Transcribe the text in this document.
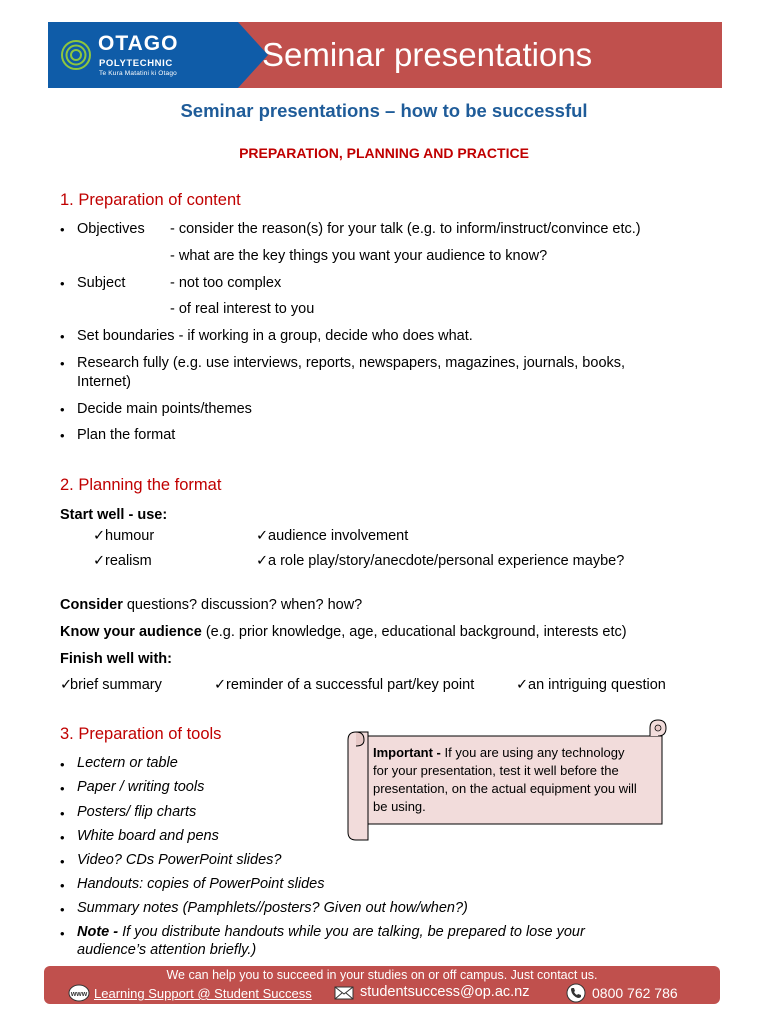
OTAGO
POLYTECHNIC
Te Kura Matatini ki Otago
Seminar presentations
Seminar presentations – how to be successful
PREPARATION, PLANNING AND PRACTICE
1. Preparation of content
• Objectives - consider the reason(s) for your talk (e.g. to inform/instruct/convince etc.)
- what are the key things you want your audience to know?
• Subject	- not too complex
- of real interest to you
• Set boundaries - if working in a group, decide who does what.
• Research fully (e.g. use interviews, reports, newspapers, magazines, journals, books,
Internet)
• Decide main points/themes
• Plan the format
2. Planning the format
Start well - use:
✓ humour	✓ audience involvement
✓ realism	✓ a role play/story/anecdote/personal experience maybe?
Consider questions? discussion? when? how?
Know your audience (e.g. prior knowledge, age, educational background, interests etc)
Finish well with:
✓
brief summary	✓ reminder of a successful part/key point	✓ an intriguing question
3. Preparation of tools
• Lectern or table
• Paper / writing tools
• Posters/ flip charts
• White board and pens
• Video? CDs PowerPoint slides?
• Handouts: copies of PowerPoint slides
• Summary notes (Pamphlets//posters? Given out how/when?)
• Note - If you distribute handouts while you are talking, be prepared to lose your
audience’s attention briefly.)
Important - If you are using any technology
for your presentation, test it well before the
presentation, on the actual equipment you will
be using.
We can help you to succeed in your studies on or off campus. Just contact us.
www Learning Support @ Student Success	studentsuccess@op.ac.nz	0800 762 786
